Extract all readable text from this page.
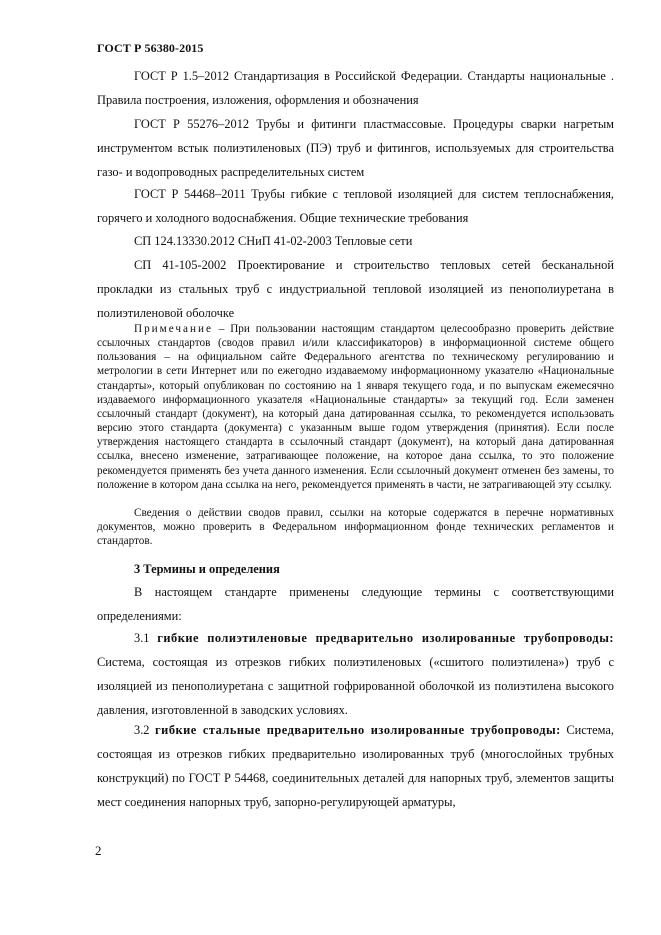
ГОСТ Р 56380-2015

ГОСТ Р 1.5–2012 Стандартизация в Российской Федерации. Стандарты национальные . Правила построения, изложения, оформления и обозначения

ГОСТ Р 55276–2012 Трубы и фитинги пластмассовые. Процедуры сварки нагретым инструментом встык полиэтиленовых (ПЭ) труб и фитингов, используемых для строительства газо- и водопроводных распределительных систем

ГОСТ Р 54468–2011 Трубы гибкие с тепловой изоляцией для систем теплоснабжения, горячего и холодного водоснабжения. Общие технические требования

СП 124.13330.2012 СНиП 41-02-2003 Тепловые сети

СП 41-105-2002 Проектирование и строительство тепловых сетей бесканальной прокладки из стальных труб с индустриальной тепловой изоляцией из пенополиуретана в полиэтиленовой оболочке

Примечание – При пользовании настоящим стандартом целесообразно проверить действие ссылочных стандартов (сводов правил и/или классификаторов) в информационной системе общего пользования – на официальном сайте Федерального агентства по техническому регулированию и метрологии в сети Интернет или по ежегодно издаваемому информационному указателю «Национальные стандарты», который опубликован по состоянию на 1 января текущего года, и по выпускам ежемесячно издаваемого информационного указателя «Национальные стандарты» за текущий год. Если заменен ссылочный стандарт (документ), на который дана датированная ссылка, то рекомендуется использовать версию этого стандарта (документа) с указанным выше годом утверждения (принятия). Если после утверждения настоящего стандарта в ссылочный стандарт (документ), на который дана датированная ссылка, внесено изменение, затрагивающее положение, на которое дана ссылка, то это положение рекомендуется применять без учета данного изменения. Если ссылочный документ отменен без замены, то положение в котором дана ссылка на него, рекомендуется применять в части, не затрагивающей эту ссылку.

Сведения о действии сводов правил, ссылки на которые содержатся в перечне нормативных документов, можно проверить в Федеральном информационном фонде технических регламентов и стандартов.

3 Термины и определения

В настоящем стандарте применены следующие термины с соответствующими определениями:

3.1 гибкие полиэтиленовые предварительно изолированные трубопроводы: Система, состоящая из отрезков гибких полиэтиленовых («сшитого полиэтилена») труб с изоляцией из пенополиуретана с защитной гофрированной оболочкой из полиэтилена высокого давления, изготовленной в заводских условиях.

3.2 гибкие стальные предварительно изолированные трубопроводы: Система, состоящая из отрезков гибких предварительно изолированных труб (многослойных трубных конструкций) по ГОСТ Р 54468, соединительных деталей для напорных труб, элементов защиты мест соединения напорных труб, запорно-регулирующей арматуры,

2
